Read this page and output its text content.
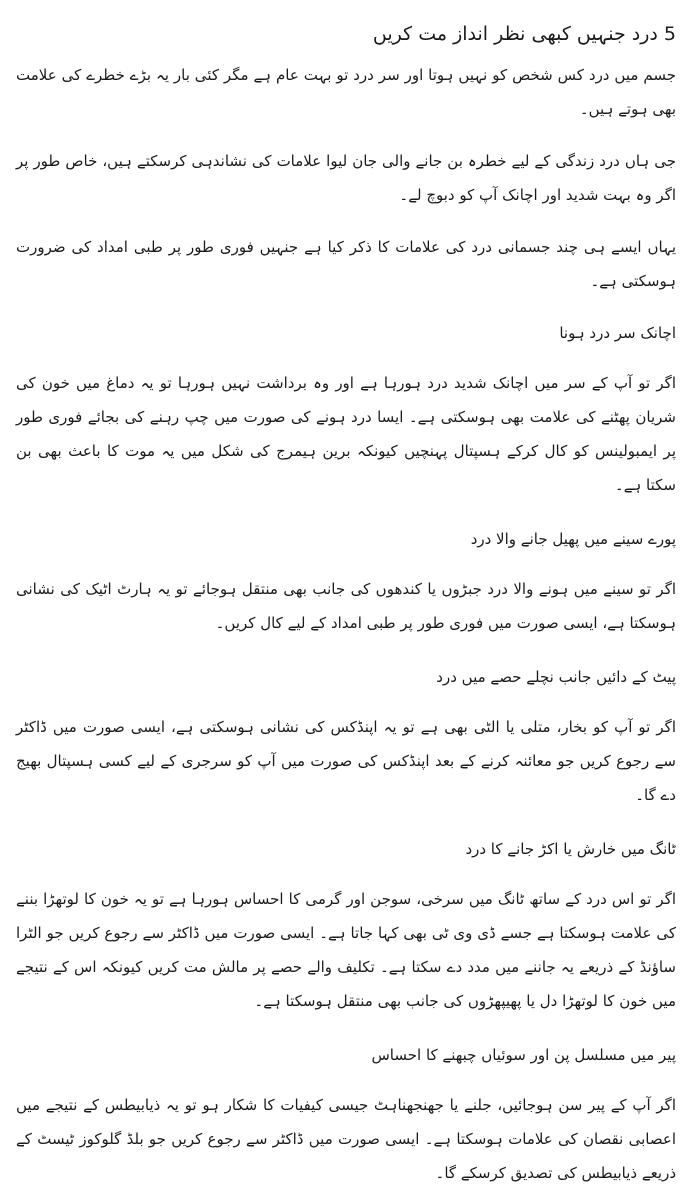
5 درد جنہیں کبھی نظر انداز مت کریں

جسم میں درد کس شخص کو نہیں ہوتا اور سر درد تو بہت عام ہے مگر کئی بار یہ بڑے خطرے کی علامت بھی ہوتے ہیں۔

جی ہاں درد زندگی کے لیے خطرہ بن جانے والی جان لیوا علامات کی نشاندہی کرسکتے ہیں، خاص طور پر اگر وہ بہت شدید اور اچانک آپ کو دبوچ لے۔

یہاں ایسے ہی چند جسمانی درد کی علامات کا ذکر کیا ہے جنہیں فوری طور پر طبی امداد کی ضرورت ہوسکتی ہے۔

اچانک سر درد ہونا

اگر تو آپ کے سر میں اچانک شدید درد ہورہا ہے اور وہ برداشت نہیں ہورہا تو یہ دماغ میں خون کی شریان پھٹنے کی علامت بھی ہوسکتی ہے۔ ایسا درد ہونے کی صورت میں چپ رہنے کی بجائے فوری طور پر ایمبولینس کو کال کرکے ہسپتال پہنچیں کیونکہ برین ہیمرج کی شکل میں یہ موت کا باعث بھی بن سکتا ہے۔

پورے سینے میں پھیل جانے والا درد

اگر تو سینے میں ہونے والا درد جبڑوں یا کندھوں کی جانب بھی منتقل ہوجائے تو یہ ہارٹ اٹیک کی نشانی ہوسکتا ہے، ایسی صورت میں فوری طور پر طبی امداد کے لیے کال کریں۔

پیٹ کے دائیں جانب نچلے حصے میں درد

اگر تو آپ کو بخار، متلی یا الٹی بھی ہے تو یہ اپنڈکس کی نشانی ہوسکتی ہے، ایسی صورت میں ڈاکٹر سے رجوع کریں جو معائنہ کرنے کے بعد اپنڈکس کی صورت میں آپ کو سرجری کے لیے کسی ہسپتال بھیج دے گا۔

ٹانگ میں خارش یا اکڑ جانے کا درد

اگر تو اس درد کے ساتھ ٹانگ میں سرخی، سوجن اور گرمی کا احساس ہورہا ہے تو یہ خون کا لوتھڑا بننے کی علامت ہوسکتا ہے جسے ڈی وی ٹی بھی کہا جاتا ہے۔ ایسی صورت میں ڈاکٹر سے رجوع کریں جو الٹرا ساﺅنڈ کے ذریعے یہ جاننے میں مدد دے سکتا ہے۔ تکلیف والے حصے پر مالش مت کریں کیونکہ اس کے نتیجے میں خون کا لوتھڑا دل یا پھیپھڑوں کی جانب بھی منتقل ہوسکتا ہے۔

پیر میں مسلسل پن اور سوئیاں چبھنے کا احساس

اگر آپ کے پیر سن ہوجائیں، جلنے یا جھنجھناہٹ جیسی کیفیات کا شکار ہو تو یہ ذیابیطس کے نتیجے میں اعصابی نقصان کی علامات ہوسکتا ہے۔ ایسی صورت میں ڈاکٹر سے رجوع کریں جو بلڈ گلوکوز ٹیسٹ کے ذریعے ذیابیطس کی تصدیق کرسکے گا۔
